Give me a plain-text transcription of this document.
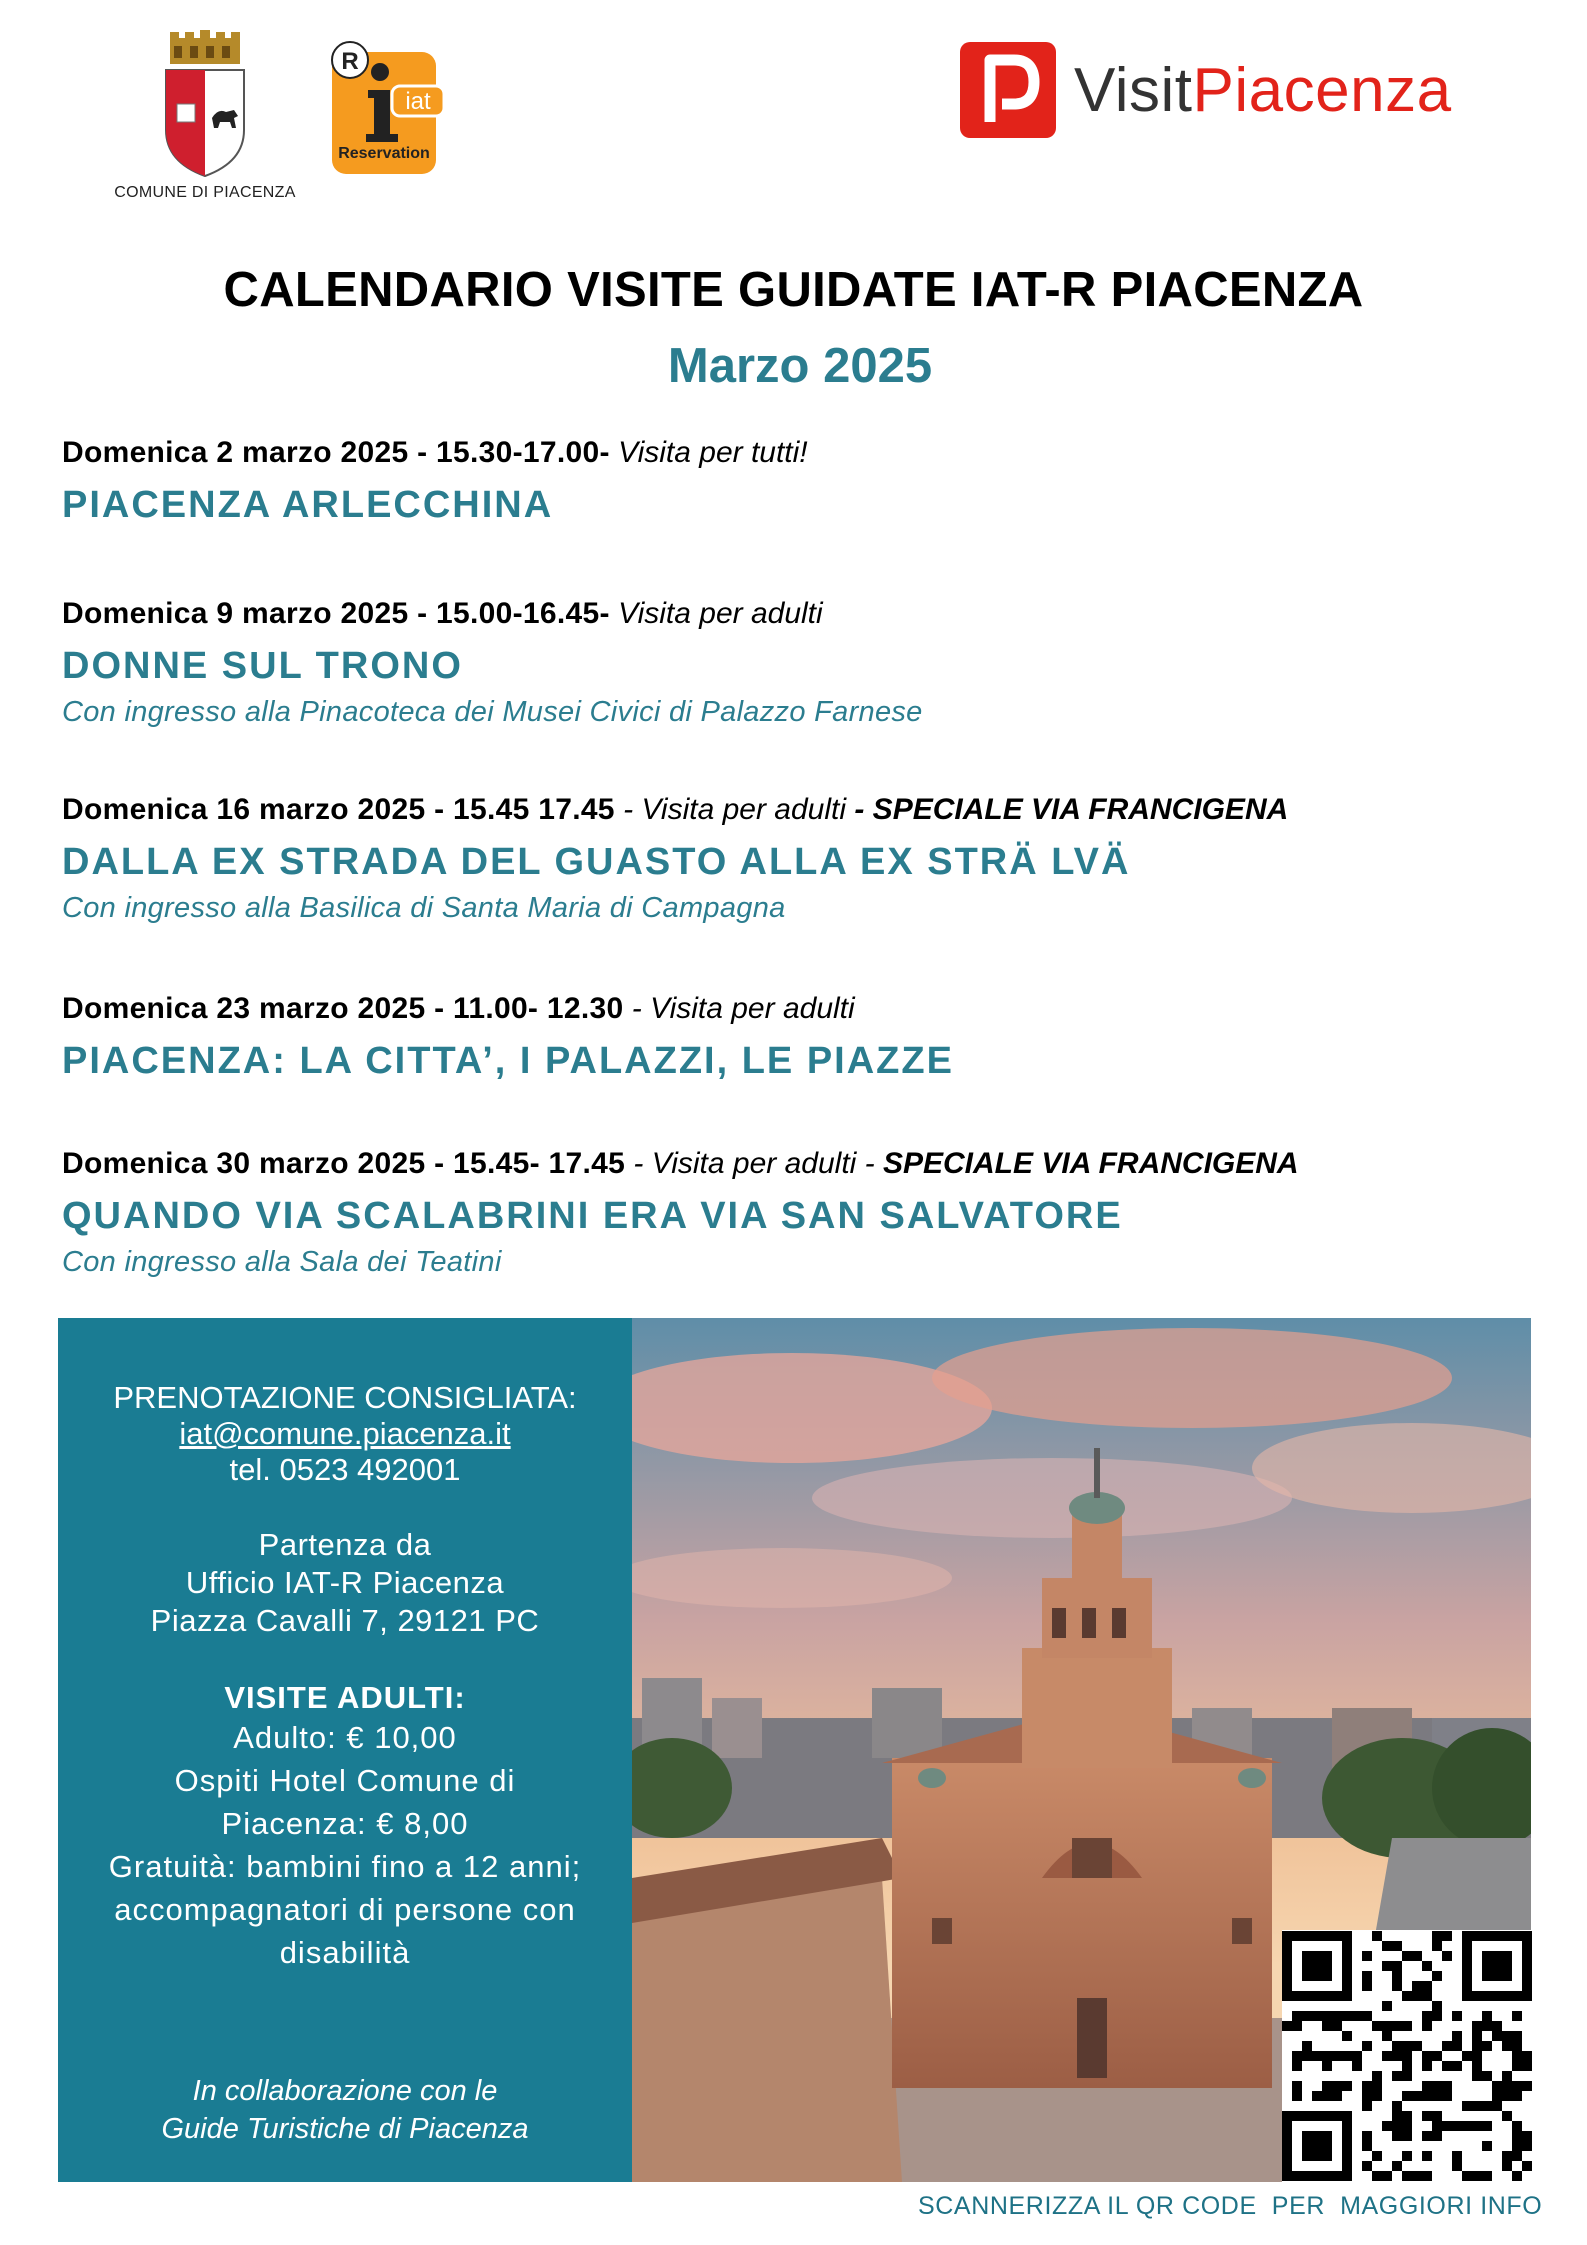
COMUNE DI PIACENZA
R
iat
Reservation
VisitPiacenza
CALENDARIO VISITE GUIDATE IAT-R PIACENZA
Marzo 2025
Domenica 2 marzo 2025 - 15.30-17.00- Visita per tutti!
PIACENZA ARLECCHINA
Domenica 9 marzo 2025 - 15.00-16.45- Visita per adulti
DONNE SUL TRONO
Con ingresso alla Pinacoteca dei Musei Civici di Palazzo Farnese
Domenica 16 marzo 2025 - 15.45 17.45 - Visita per adulti - SPECIALE VIA FRANCIGENA
DALLA EX STRADA DEL GUASTO ALLA EX STRÄ LVÄ
Con ingresso alla Basilica di Santa Maria di Campagna
Domenica 23 marzo 2025 - 11.00- 12.30 - Visita per adulti
PIACENZA: LA CITTA’, I PALAZZI, LE PIAZZE
Domenica 30 marzo 2025 - 15.45- 17.45 - Visita per adulti - SPECIALE VIA FRANCIGENA
QUANDO VIA SCALABRINI ERA VIA SAN SALVATORE
Con ingresso alla Sala dei Teatini
PRENOTAZIONE CONSIGLIATA:
iat@comune.piacenza.it
tel. 0523 492001
Partenza da
Ufficio IAT-R Piacenza
Piazza Cavalli 7, 29121 PC
VISITE ADULTI:
Adulto: € 10,00
Ospiti Hotel Comune di Piacenza: € 8,00
Gratuità: bambini fino a 12 anni; accompagnatori di persone con disabilità
In collaborazione con le
Guide Turistiche di Piacenza
SCANNERIZZA IL QR CODE  PER  MAGGIORI INFO
